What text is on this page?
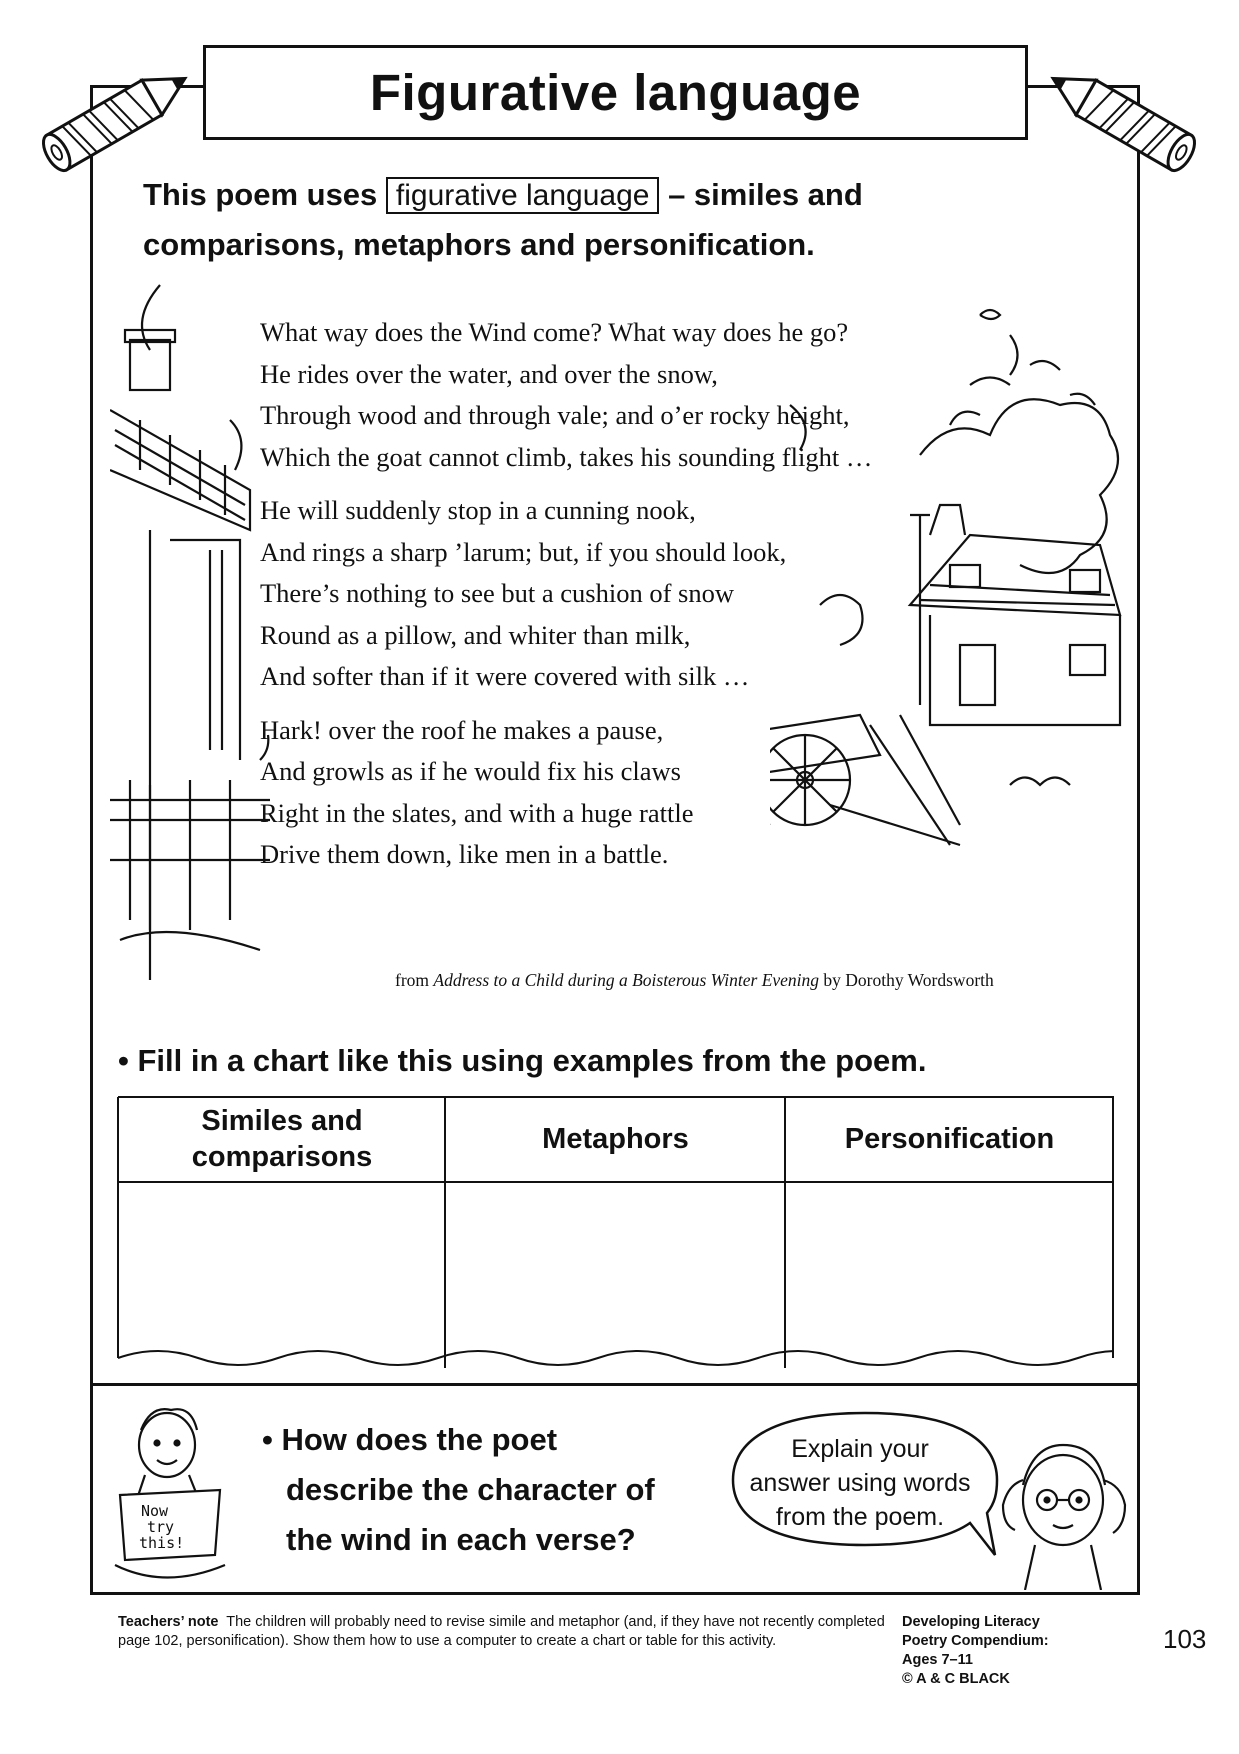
Figurative language
This poem uses figurative language – similes and
comparisons, metaphors and personification.
What way does the Wind come? What way does he go?
He rides over the water, and over the snow,
Through wood and through vale; and o’er rocky height,
Which the goat cannot climb, takes his sounding flight …
He will suddenly stop in a cunning nook,
And rings a sharp ’larum; but, if you should look,
There’s nothing to see but a cushion of snow
Round as a pillow, and whiter than milk,
And softer than if it were covered with silk …
Hark! over the roof he makes a pause,
And growls as if he would fix his claws
Right in the slates, and with a huge rattle
Drive them down, like men in a battle.
from Address to a Child during a Boisterous Winter Evening by Dorothy Wordsworth
• Fill in a chart like this using examples from the poem.
Similes and
comparisons
Metaphors	Personification
Now
try
this!
• How does the poet
describe the character of
the wind in each verse?
Explain your
answer using words
from the poem.
Teachers’ note The children will probably need to revise simile and metaphor (and, if they have not recently completed page 102, personification). Show them how to use a computer to create a chart or table for this activity.
Developing Literacy
Poetry Compendium:
Ages 7–11
© A & C BLACK
103
